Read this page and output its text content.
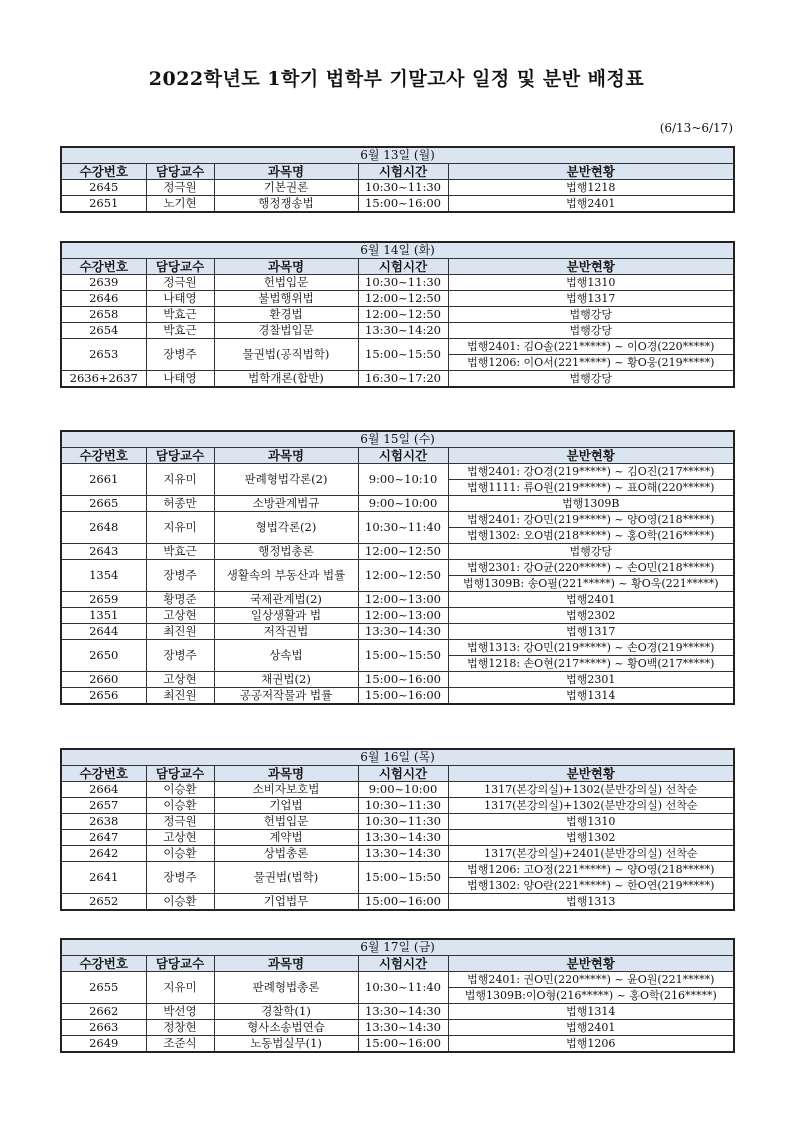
2022학년도 1학기 법학부 기말고사 일정 및 분반 배정표
(6/13~6/17)
6월 13일 (월)				
수강번호	담당교수	과목명	시험시간	분반현황
2645	정극원	기본권론	10:30~11:30	법행1218
2651	노기현	행정쟁송법	15:00~16:00	법행2401
6월 14일 (화)				
수강번호	담당교수	과목명	시험시간	분반현황
2639	정극원	헌법입문	10:30~11:30	법행1310
2646	나태영	불법행위법	12:00~12:50	법행1317
2658	박효근	환경법	12:00~12:50	법행강당
2654	박효근	경찰법입문	13:30~14:20	법행강당
2653	장병주	물권법(공직법학)	15:00~15:50	법행2401: 김O솔(221*****) ~ 이O경(220*****)
				법행1206: 이O서(221*****) ~ 황O웅(219*****)
2636+2637	나태영	법학개론(합반)	16:30~17:20	법행강당
6월 15일 (수)				
수강번호	담당교수	과목명	시험시간	분반현황
2661	지유미	판례형법각론(2)	9:00~10:10	법행2401: 강O경(219*****) ~ 김O진(217*****)
				법행1111: 류O원(219*****) ~ 표O해(220*****)
2665	허종만	소방관계법규	9:00~10:00	법행1309B
2648	지유미	형법각론(2)	10:30~11:40	법행2401: 강O민(219*****) ~ 양O영(218*****)
				법행1302: 오O범(218*****) ~ 홍O학(216*****)
2643	박효근	행정법총론	12:00~12:50	법행강당
1354	장병주	생활속의 부동산과 법률	12:00~12:50	법행2301: 강O균(220*****) ~ 손O민(218*****)
				법행1309B: 송O필(221*****) ~ 황O욱(221*****)
2659	황명준	국제관계법(2)	12:00~13:00	법행2401
1351	고상현	일상생활과 법	12:00~13:00	법행2302
2644	최진원	저작권법	13:30~14:30	법행1317
2650	장병주	상속법	15:00~15:50	법행1313: 강O민(219*****) ~ 손O경(219*****)
				법행1218: 손O현(217*****) ~ 황O백(217*****)
2660	고상현	채권법(2)	15:00~16:00	법행2301
2656	최진원	공공저작물과 법률	15:00~16:00	법행1314
6월 16일 (목)				
수강번호	담당교수	과목명	시험시간	분반현황
2664	이승환	소비자보호법	9:00~10:00	1317(본강의실)+1302(분반강의실) 선착순
2657	이승환	기업법	10:30~11:30	1317(본강의실)+1302(분반강의실) 선착순
2638	정극원	헌법입문	10:30~11:30	법행1310
2647	고상현	계약법	13:30~14:30	법행1302
2642	이승환	상법총론	13:30~14:30	1317(본강의실)+2401(분반강의실) 선착순
2641	장병주	물권법(법학)	15:00~15:50	법행1206: 고O정(221*****) ~ 양O영(218*****)
				법행1302: 양O란(221*****) ~ 한O연(219*****)
2652	이승환	기업법무	15:00~16:00	법행1313
6월 17일 (금)				
수강번호	담당교수	과목명	시험시간	분반현황
2655	지유미	판례형법총론	10:30~11:40	법행2401: 권O민(220*****) ~ 윤O원(221*****)
				법행1309B:이O형(216*****) ~ 홍O학(216*****)
2662	박선영	경찰학(1)	13:30~14:30	법행1314
2663	정창현	형사소송법연습	13:30~14:30	법행2401
2649	조준식	노동법실무(1)	15:00~16:00	법행1206
